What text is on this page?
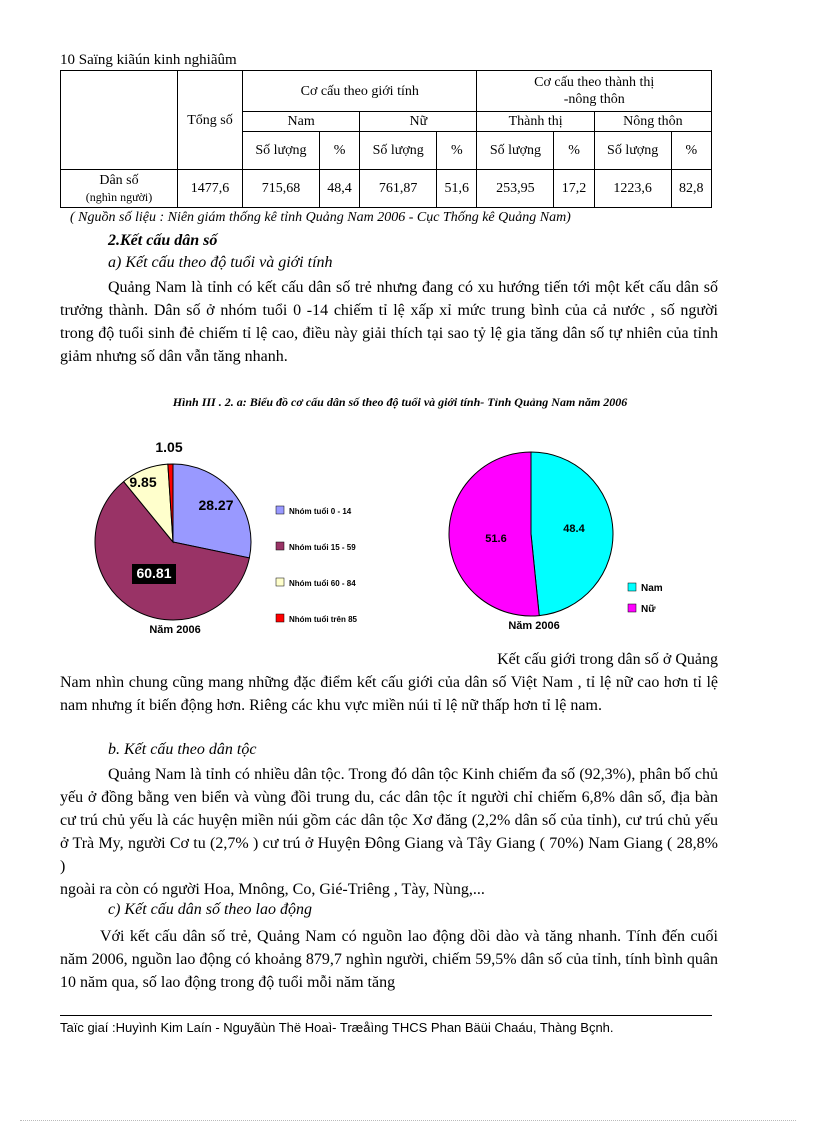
10 Saïng kiãún kinh nghiãûm
	Tổng số	Cơ cấu theo giới tính				Cơ cấu theo thành thị
-nông thôn			
		Nam		Nữ		Thành thị		Nông thôn	
		Số lượng	%	Số lượng	%	Số lượng	%	Số lượng	%
Dân số
(nghìn người)	1477,6	715,68	48,4	761,87	51,6	253,95	17,2	1223,6	82,8
( Nguồn số liệu : Niên giám thống kê tỉnh Quảng Nam 2006 - Cục Thống kê Quảng Nam)
2.Kết cấu dân số
a) Kết cấu theo độ tuổi và giới tính
Quảng Nam là tỉnh có kết cấu dân số trẻ nhưng đang có xu hướng tiến tới một kết cấu dân số trưởng thành. Dân số ở nhóm tuổi 0 -14 chiếm tỉ lệ xấp xỉ mức trung bình của cả nước , số người trong độ tuổi sinh đẻ chiếm tỉ lệ cao, điều này giải thích tại sao tỷ lệ gia tăng dân số tự nhiên của tỉnh giảm nhưng số dân vẫn tăng nhanh.
Hình III . 2. a: Biểu đồ cơ cấu dân số theo độ tuổi và giới tính- Tỉnh Quảng Nam năm 2006
28.27
60.81
9.85
1.05
Nhóm tuổi 0 - 14
Nhóm tuổi 15 - 59
Nhóm tuổi 60 - 84
Nhóm tuổi trên 85
Năm 2006
48.4
51.6
Nam
Nữ
Năm 2006
Kết cấu giới trong dân số ở Quảng
Nam nhìn chung cũng mang những đặc điểm kết cấu giới của dân số Việt Nam , tỉ lệ nữ cao hơn tỉ lệ nam nhưng ít biến động hơn. Riêng các khu vực miền núi tỉ lệ nữ thấp hơn tỉ lệ nam.
b. Kết cấu theo dân tộc
Quảng Nam là tỉnh có nhiều dân tộc. Trong đó dân tộc Kinh chiếm đa số (92,3%), phân bố chủ yếu ở đồng bằng ven biển và vùng đồi trung du, các dân tộc ít người chỉ chiếm 6,8% dân số, địa bàn cư trú chủ yếu là các huyện miền núi gồm các dân tộc Xơ đăng (2,2% dân số của tỉnh), cư trú chủ yếu ở Trà My, người Cơ tu (2,7% ) cư trú ở Huyện Đông Giang và Tây Giang ( 70%) Nam Giang ( 28,8% )
ngoài ra còn có người Hoa, Mnông, Co, Gié-Triêng , Tày, Nùng,...
c) Kết cấu dân số theo lao động
Với kết cấu dân số trẻ, Quảng Nam có nguồn lao động dồi dào và tăng nhanh. Tính đến cuối năm 2006, nguồn lao động có khoảng 879,7 nghìn người, chiếm 59,5% dân số của tỉnh, tính bình quân 10 năm qua, số lao động trong độ tuổi mỗi năm tăng
Taïc giaí :Huyình Kim Laín - Nguyãùn Thë Hoaì- Træåìng THCS Phan Bäüi Chaáu, Thàng Bçnh.
